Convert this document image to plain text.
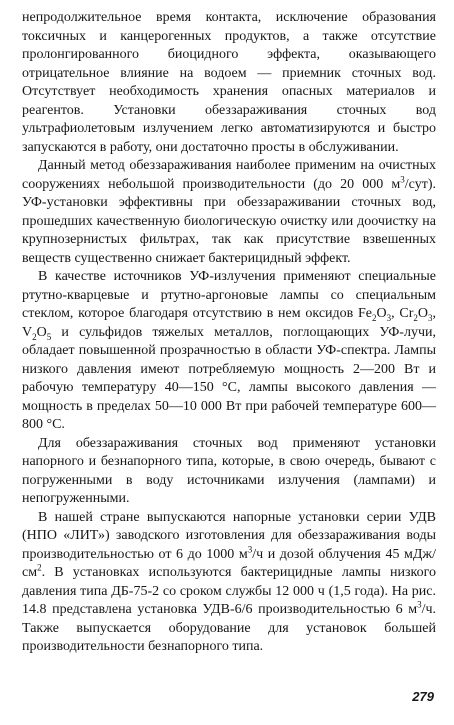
непродолжительное время контакта, исключение образования токсичных и канцерогенных продуктов, а также отсутствие пролонгированного биоцидного эффекта, оказывающего отрицательное влияние на водоем — приемник сточных вод. Отсутствует необходимость хранения опасных материалов и реагентов. Установки обеззараживания сточных вод ультрафиолетовым излучением легко автоматизируются и быстро запускаются в работу, они достаточно просты в обслуживании.

Данный метод обеззараживания наиболее применим на очистных сооружениях небольшой производительности (до 20 000 $м^3/сут$). УФ-установки эффективны при обеззараживании сточных вод, прошедших качественную биологическую очистку или доочистку на крупнозернистых фильтрах, так как присутствие взвешенных веществ существенно снижает бактерицидный эффект.

В качестве источников УФ-излучения применяют специальные ртутно-кварцевые и ртутно-аргоновые лампы со специальным стеклом, которое благодаря отсутствию в нем оксидов $Fe_2O_3$, $Cr_2O_3$, $V_2O_5$ и сульфидов тяжелых металлов, поглощающих УФ-лучи, обладает повышенной прозрачностью в области УФ-спектра. Лампы низкого давления имеют потребляемую мощность 2—200 Вт и рабочую температуру 40—150 °С, лампы высокого давления — мощность в пределах 50—10 000 Вт при рабочей температуре 600—800 °С.

Для обеззараживания сточных вод применяют установки напорного и безнапорного типа, которые, в свою очередь, бывают с погруженными в воду источниками излучения (лампами) и непогруженными.

В нашей стране выпускаются напорные установки серии УДВ (НПО «ЛИТ») заводского изготовления для обеззараживания воды производительностью от 6 до 1000 $м^3/ч$ и дозой облучения 45 мДж/$см^2$. В установках используются бактерицидные лампы низкого давления типа ДБ-75-2 со сроком службы 12 000 ч (1,5 года). На рис. 14.8 представлена установка УДВ-6/6 производительностью 6 $м^3/ч$. Также выпускается оборудование для установок большей производительности безнапорного типа.

279
